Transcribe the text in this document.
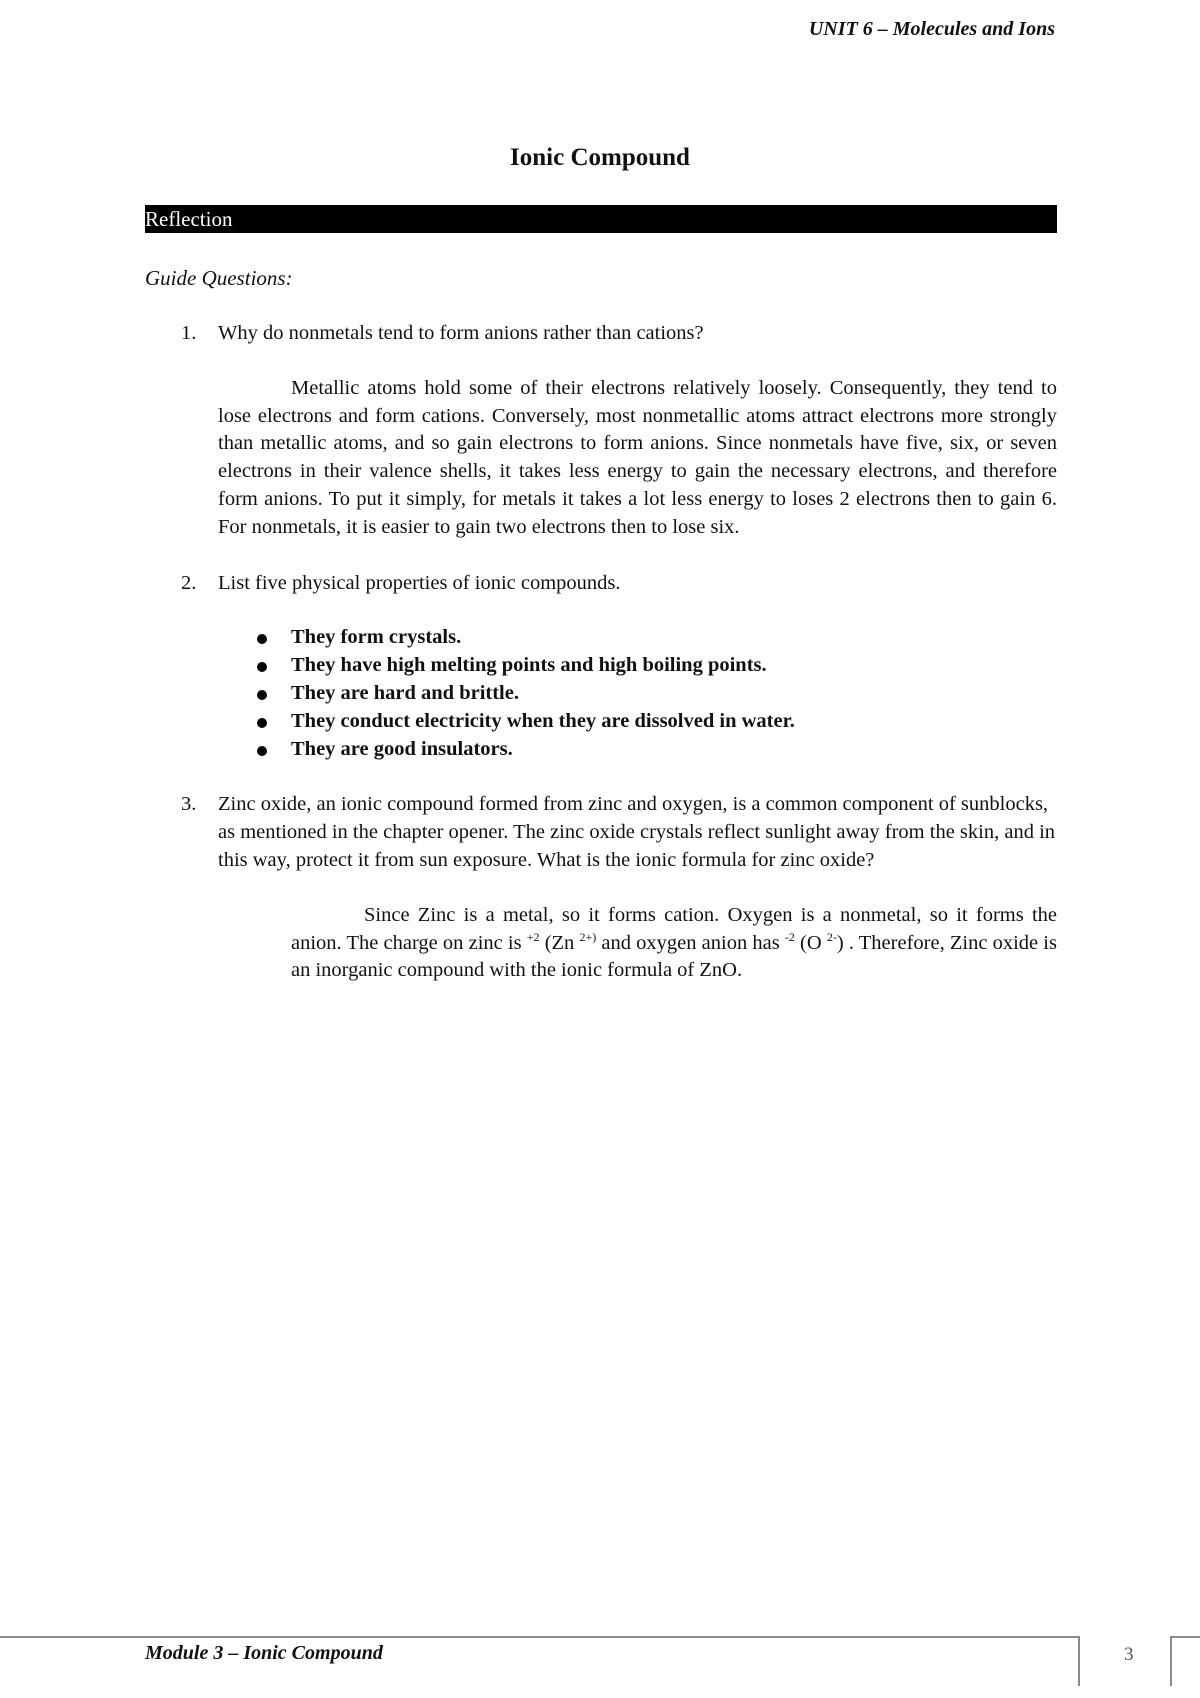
UNIT 6 – Molecules and Ions
Ionic Compound
Reflection
Guide Questions:
1. Why do nonmetals tend to form anions rather than cations?
Metallic atoms hold some of their electrons relatively loosely. Consequently, they tend to lose electrons and form cations. Conversely, most nonmetallic atoms attract electrons more strongly than metallic atoms, and so gain electrons to form anions. Since nonmetals have five, six, or seven electrons in their valence shells, it takes less energy to gain the necessary electrons, and therefore form anions. To put it simply, for metals it takes a lot less energy to loses 2 electrons then to gain 6. For nonmetals, it is easier to gain two electrons then to lose six.
2. List five physical properties of ionic compounds.
They form crystals.
They have high melting points and high boiling points.
They are hard and brittle.
They conduct electricity when they are dissolved in water.
They are good insulators.
3. Zinc oxide, an ionic compound formed from zinc and oxygen, is a common component of sunblocks, as mentioned in the chapter opener. The zinc oxide crystals reflect sunlight away from the skin, and in this way, protect it from sun exposure. What is the ionic formula for zinc oxide?
Since Zinc is a metal, so it forms cation. Oxygen is a nonmetal, so it forms the anion. The charge on zinc is $^{+2}$ (Zn $^{2+)}$ and oxygen anion has $^{-2}$ (O $^{2-}$) . Therefore, Zinc oxide is an inorganic compound with the ionic formula of ZnO.
Module 3 – Ionic Compound	3
